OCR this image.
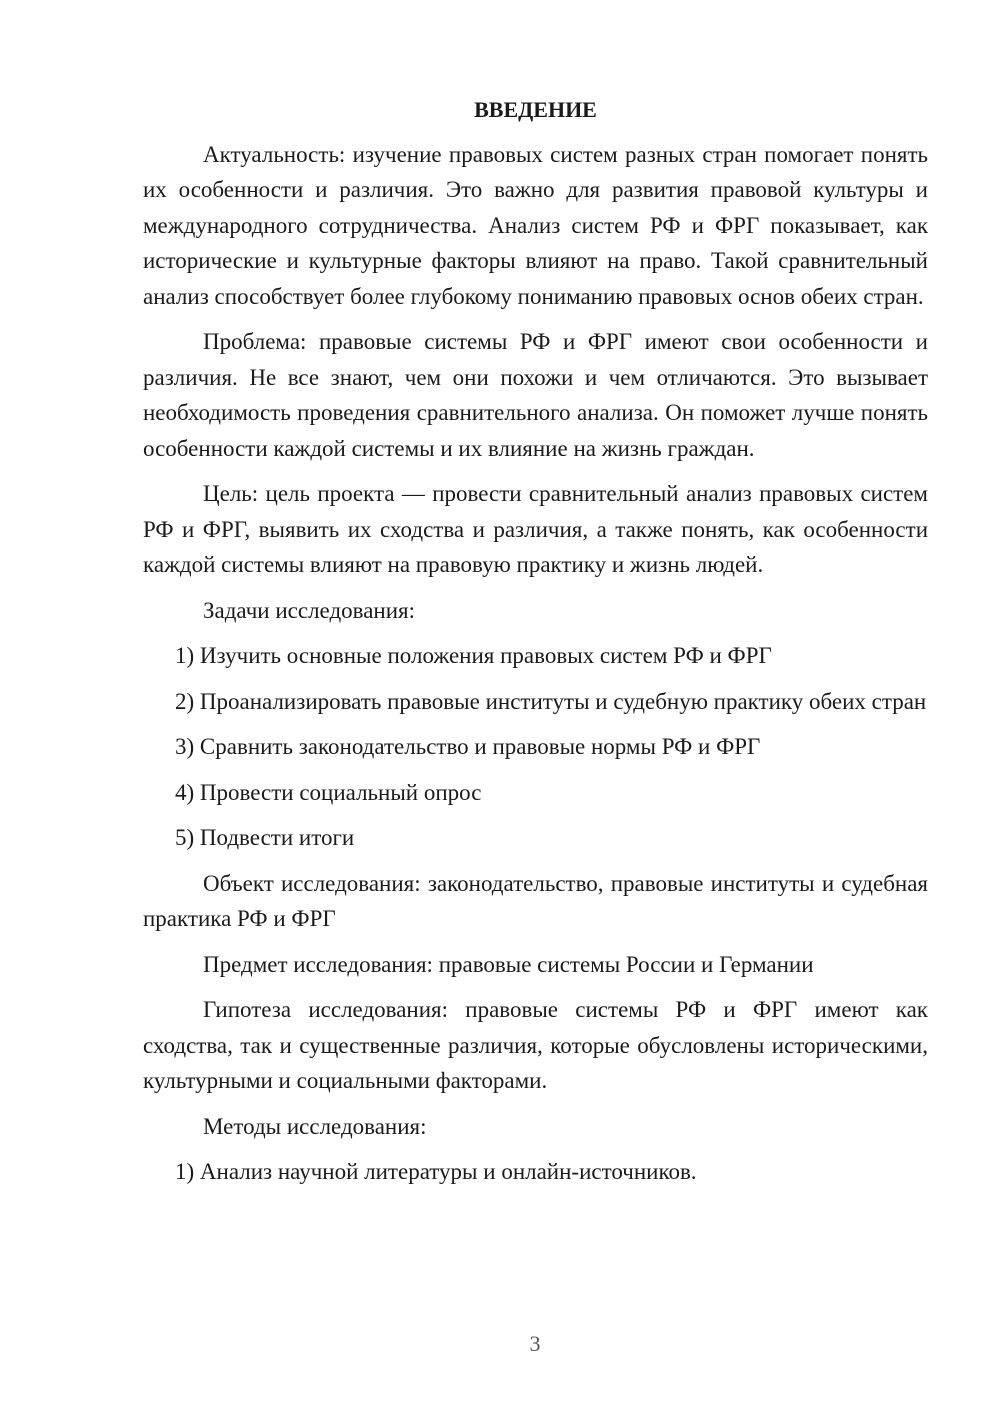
ВВЕДЕНИЕ

Актуальность: изучение правовых систем разных стран помогает понять их особенности и различия. Это важно для развития правовой культуры и международного сотрудничества. Анализ систем РФ и ФРГ показывает, как исторические и культурные факторы влияют на право. Такой сравнительный анализ способствует более глубокому пониманию правовых основ обеих стран.

Проблема: правовые системы РФ и ФРГ имеют свои особенности и различия. Не все знают, чем они похожи и чем отличаются. Это вызывает необходимость проведения сравнительного анализа. Он поможет лучше понять особенности каждой системы и их влияние на жизнь граждан.

Цель: цель проекта — провести сравнительный анализ правовых систем РФ и ФРГ, выявить их сходства и различия, а также понять, как особенности каждой системы влияют на правовую практику и жизнь людей.

Задачи исследования:

1) Изучить основные положения правовых систем РФ и ФРГ

2) Проанализировать правовые институты и судебную практику обеих стран

3) Сравнить законодательство и правовые нормы РФ и ФРГ

4) Провести социальный опрос

5) Подвести итоги

Объект исследования: законодательство, правовые институты и судебная практика РФ и ФРГ

Предмет исследования: правовые системы России и Германии

Гипотеза исследования: правовые системы РФ и ФРГ имеют как сходства, так и существенные различия, которые обусловлены историческими, культурными и социальными факторами.

Методы исследования:

1) Анализ научной литературы и онлайн-источников.

3
